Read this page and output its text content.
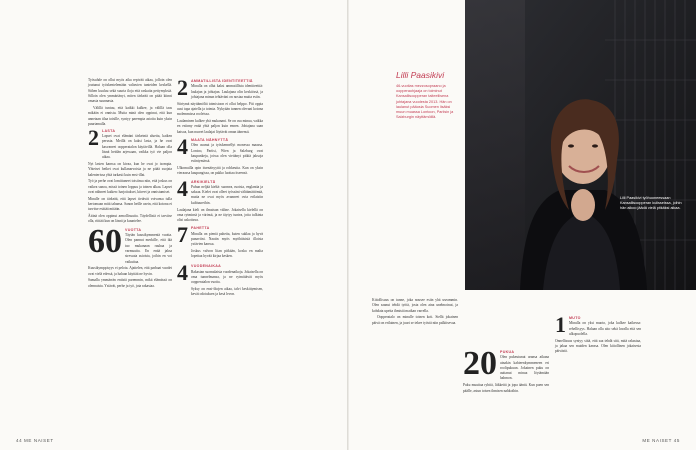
Työsuhde on ollut myös aika repivää aikaa, jolloin olen joutunut työskentelemään valtavien tunteiden keskellä. Siihen kuuluu sekä suuria iloja että raskaita pettymyksiä. Silloin olen ymmärtänyt, miten tärkeää on pitää kiinni omasta suunnasta.

Välillä tuntuu, että kaikki kulkee, ja välillä taas mikään ei onnistu. Mutta minä olen oppinut, että kun annetaan tilaa toisille, syntyy parempia asioita kuin yksin puurtamalla.

2 LASTA

Lapset ovat elämäni tärkeintä aluetta, kaiken perusta. Meillä on kaksi lasta, ja he ovat kasvaneet oopperatalon käytävillä. Haluan olla läsnä heidän arjessaan, vaikka työ vie paljon aikaa.

Nyt lasten kanssa on kivaa, kun he ovat jo isompia. Yhteiset hetket ovat kullanarvoisia ja ne pitää suojata kalenterissa yhtä tarkasti kuin ensi-illat.

Työ ja perhe ovat lomittuneet toisiinsa niin, että joskus on vaikea sanoa, missä toinen loppuu ja toinen alkaa. Lapset ovat nähneet kaiken: harjoitukset, kiireet ja onnistumiset.

Minulle on tärkeää, että lapset tietävät voivansa tulla kertomaan mitä tahansa. Sanon heille usein, että kotona ei tarvitse esittää mitään.

Äitinä olen oppinut armollisuutta. Täydellistä ei tarvitse olla, riittää kun on läsnä ja kuuntelee.

60 VUOTTA

Täytän kuusikymmentä vuotta. Olen pannut merkille, että ikä tuo mukanaan rauhaa ja varmuutta. En enää jaksa stressata asioista, joihin en voi vaikuttaa.

Kuusikymppisyys ei pelota. Ajattelen, että parhaat vuodet ovat vielä edessä, ja haluan käyttää ne hyvin.

Samalla ymmärrän entistä paremmin, mikä elämässä on olennaista. Ystävät, perhe ja työ, jota rakastaa.

2 AMMATILLISTA IDENTITEETTIÄ

Minulla on ollut kaksi ammatillista identiteettiä: laulajan ja johtajan. Laulajana olin keskiössä, ja johtajana minun tehtäväni on nostaa muita esiin.

Siirtymä näyttämöltä toimistoon ei ollut helppo. Piti oppia uusi tapa ajatella ja toimia. Nykyään tunnen olevani kotona molemmissa rooleissa.

Laulaminen kulkee yhä mukanani. Se on osa minua, vaikka en esiinny enää yhtä paljon kuin ennen. Johtajana saan katsoa, kun nuoret laulajat löytävät oman äänensä.

4 MAATA NÄHNYTTÄ

Olen asunut ja työskennellyt monessa maassa. Lontoo, Pariisi, Wien ja Salzburg ovat kaupunkeja, joissa olen viettänyt pitkiä jaksoja esiintymässä.

Ulkomailla opin itsenäisyyttä ja rohkeutta. Kun on yksin vieraassa kaupungissa, on pakko luottaa itseensä.

4 ARKIKIELTÄ

Puhun neljää kieltä: suomea, ruotsia, englantia ja saksaa. Kielet ovat olleet työssäni välttämättömiä, mutta ne ovat myös avanneet ovia erilaisiin kulttuureihin.

Laulajana kieli on ilmaisun väline. Jokaisella kielellä on oma rytminsä ja värinsä, ja ne täytyy tuntea, jotta tulkinta olisi uskottava.

7 PAHETTA

Minulla on pieniä paheita, kuten suklaa ja hyvä punaviini. Nautin myös myöhäisistä illoista ystävien kanssa.

Joskus valvon liian pitkään, koska en malta lopettaa hyvää kirjaa kesken.

4 VUODENAIKAA

Rakastan suomalaisia vuodenaikoja. Jokaisella on oma tunnelmansa, ja ne rytmittävät myös oopperatalon vuotta.

Syksy on ensi-iltojen aikaa, talvi keskittymisen, kevät odotuksen ja kesä levon.

44 ME NAISET
Lilli Paasikivi
46-vuotias mezzosopraano ja oopperaohjaaja on toiminut Kansallisoopperan taiteellisena johtajana vuodesta 2013. Hän on laulanut pääosia Suomen lisäksi muun muassa Lontoon, Pariisin ja Salzburgin näyttämöillä.
Lilli Paasikivi työhuoneessaan Kansallisoopperan kulisseissa, joihin hän aikoo jäädä vielä pitkäksi aikaa.

Kiitollisuus on tunne, joka nousee esiin yhä useammin. Olen saanut tehdä työtä, josta olen aina unelmoinut, ja kohdata upeita ihmisiä matkan varrella.

Oopperatalo on minulle toinen koti. Siellä jokainen päivä on erilainen, ja juuri se tekee työstä niin palkitsevaa.

20 PUKUA

Olen pukeutunut uransa aikana ainakin kahteenkymmeneen eri roolipukuun. Jokainen puku on auttanut minua löytämään hahmon.

Puku muuttaa ryhtiä, liikkeitä ja jopa ääntä. Kun puen sen päälle, astun toisen ihmisen nahkoihin.

1 MUTO

Minulla on yksi muoto, joka kulkee kaikessa: rehellisyys. Haluan olla aito sekä lavalla että sen ulkopuolella.

Onnellisuus syntyy siitä, että saa tehdä sitä, mitä rakastaa, ja jakaa sen muiden kanssa. Olen kiitollinen jokaisesta päivästä.

ME NAISET 45
